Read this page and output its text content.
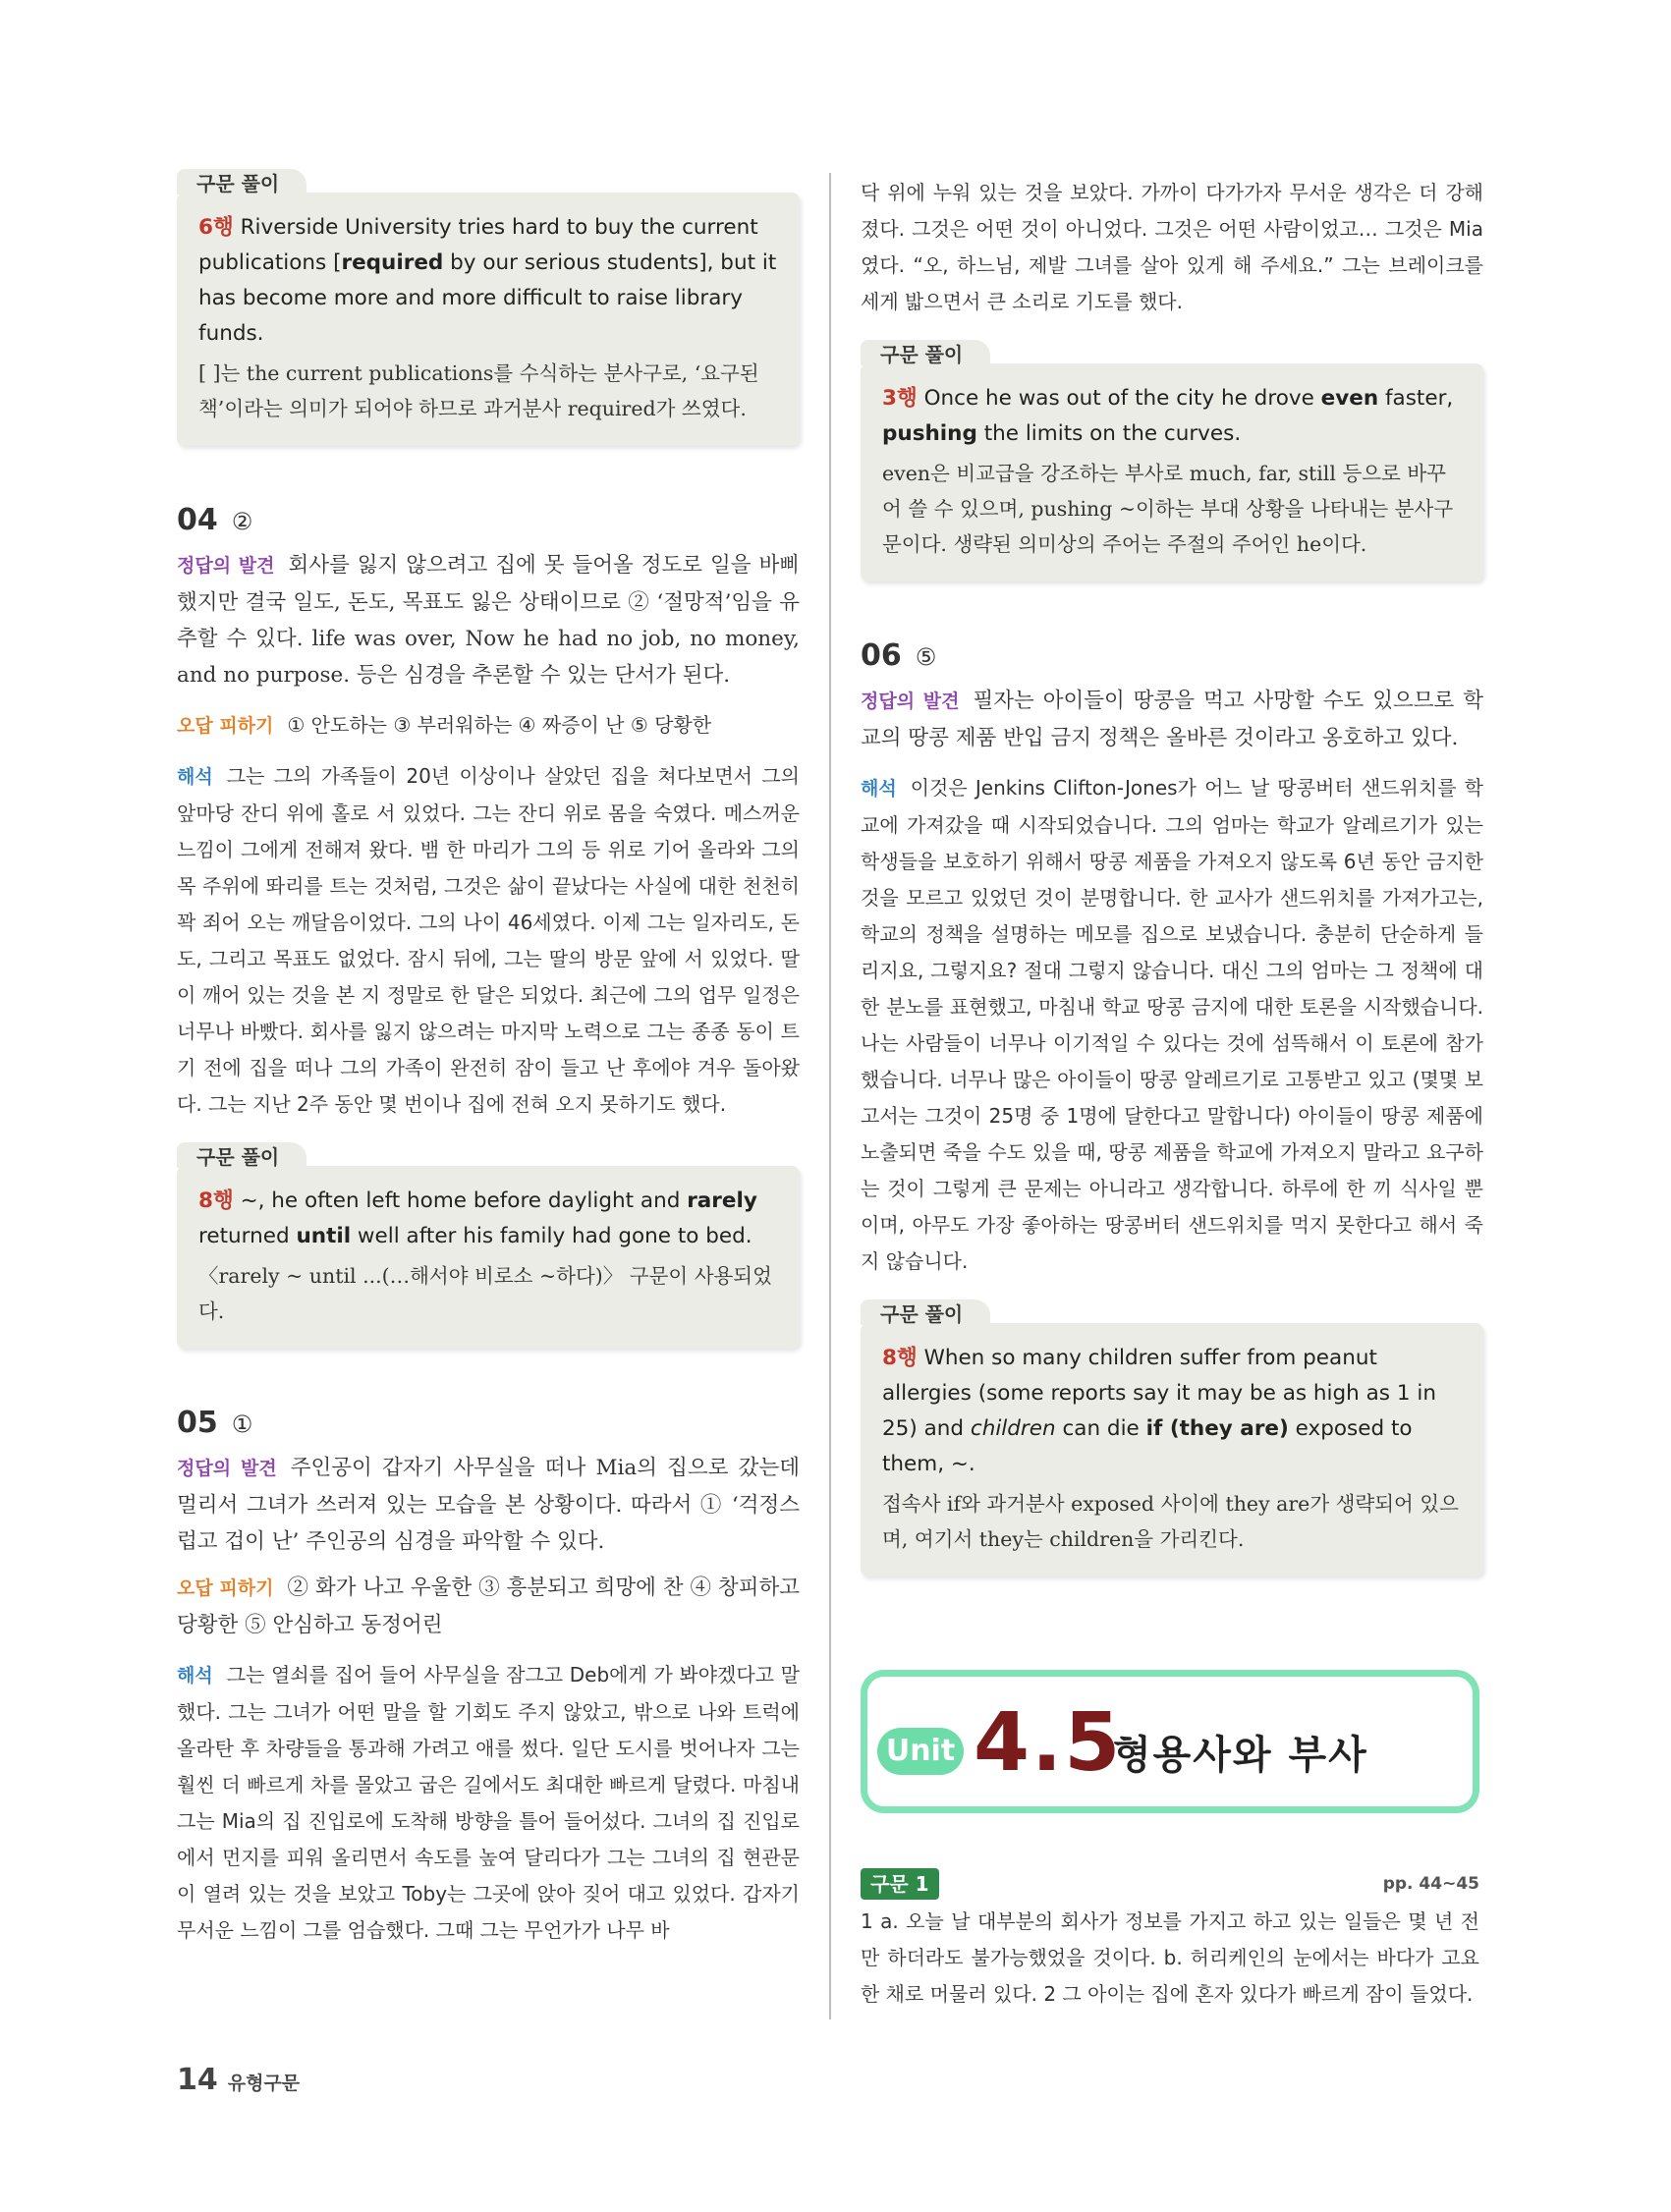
구문 풀이
6행 Riverside University tries hard to buy the current publications [required by our serious students], but it has become more and more difficult to raise library funds.
[ ]는 the current publications를 수식하는 분사구로, ‘요구된 책’이라는 의미가 되어야 하므로 과거분사 required가 쓰였다.
04 ②
정답의 발견 회사를 잃지 않으려고 집에 못 들어올 정도로 일을 바삐 했지만 결국 일도, 돈도, 목표도 잃은 상태이므로 ② ‘절망적’임을 유추할 수 있다. life was over, Now he had no job, no money, and no purpose. 등은 심경을 추론할 수 있는 단서가 된다.
오답 피하기 ① 안도하는 ③ 부러워하는 ④ 짜증이 난 ⑤ 당황한
해석 그는 그의 가족들이 20년 이상이나 살았던 집을 쳐다보면서 그의 앞마당 잔디 위에 홀로 서 있었다. 그는 잔디 위로 몸을 숙였다. 메스꺼운 느낌이 그에게 전해져 왔다. 뱀 한 마리가 그의 등 위로 기어 올라와 그의 목 주위에 똬리를 트는 것처럼, 그것은 삶이 끝났다는 사실에 대한 천천히 꽉 죄어 오는 깨달음이었다. 그의 나이 46세였다. 이제 그는 일자리도, 돈도, 그리고 목표도 없었다. 잠시 뒤에, 그는 딸의 방문 앞에 서 있었다. 딸이 깨어 있는 것을 본 지 정말로 한 달은 되었다. 최근에 그의 업무 일정은 너무나 바빴다. 회사를 잃지 않으려는 마지막 노력으로 그는 종종 동이 트기 전에 집을 떠나 그의 가족이 완전히 잠이 들고 난 후에야 겨우 돌아왔다. 그는 지난 2주 동안 몇 번이나 집에 전혀 오지 못하기도 했다.
구문 풀이
8행 ~, he often left home before daylight and rarely returned until well after his family had gone to bed.
〈rarely ~ until ...(…해서야 비로소 ~하다)〉 구문이 사용되었다.
05 ①
정답의 발견 주인공이 갑자기 사무실을 떠나 Mia의 집으로 갔는데 멀리서 그녀가 쓰러져 있는 모습을 본 상황이다. 따라서 ① ‘걱정스럽고 겁이 난’ 주인공의 심경을 파악할 수 있다.
오답 피하기 ② 화가 나고 우울한 ③ 흥분되고 희망에 찬 ④ 창피하고 당황한 ⑤ 안심하고 동정어린
해석 그는 열쇠를 집어 들어 사무실을 잠그고 Deb에게 가 봐야겠다고 말했다. 그는 그녀가 어떤 말을 할 기회도 주지 않았고, 밖으로 나와 트럭에 올라탄 후 차량들을 통과해 가려고 애를 썼다. 일단 도시를 벗어나자 그는 훨씬 더 빠르게 차를 몰았고 굽은 길에서도 최대한 빠르게 달렸다. 마침내 그는 Mia의 집 진입로에 도착해 방향을 틀어 들어섰다. 그녀의 집 진입로에서 먼지를 피워 올리면서 속도를 높여 달리다가 그는 그녀의 집 현관문이 열려 있는 것을 보았고 Toby는 그곳에 앉아 짖어 대고 있었다. 갑자기 무서운 느낌이 그를 엄습했다. 그때 그는 무언가가 나무 바
닥 위에 누워 있는 것을 보았다. 가까이 다가가자 무서운 생각은 더 강해졌다. 그것은 어떤 것이 아니었다. 그것은 어떤 사람이었고… 그것은 Mia였다. “오, 하느님, 제발 그녀를 살아 있게 해 주세요.” 그는 브레이크를 세게 밟으면서 큰 소리로 기도를 했다.
구문 풀이
3행 Once he was out of the city he drove even faster, pushing the limits on the curves.
even은 비교급을 강조하는 부사로 much, far, still 등으로 바꾸어 쓸 수 있으며, pushing ~이하는 부대 상황을 나타내는 분사구문이다. 생략된 의미상의 주어는 주절의 주어인 he이다.
06 ⑤
정답의 발견 필자는 아이들이 땅콩을 먹고 사망할 수도 있으므로 학교의 땅콩 제품 반입 금지 정책은 올바른 것이라고 옹호하고 있다.
해석 이것은 Jenkins Clifton-Jones가 어느 날 땅콩버터 샌드위치를 학교에 가져갔을 때 시작되었습니다. 그의 엄마는 학교가 알레르기가 있는 학생들을 보호하기 위해서 땅콩 제품을 가져오지 않도록 6년 동안 금지한 것을 모르고 있었던 것이 분명합니다. 한 교사가 샌드위치를 가져가고는, 학교의 정책을 설명하는 메모를 집으로 보냈습니다. 충분히 단순하게 들리지요, 그렇지요? 절대 그렇지 않습니다. 대신 그의 엄마는 그 정책에 대한 분노를 표현했고, 마침내 학교 땅콩 금지에 대한 토론을 시작했습니다. 나는 사람들이 너무나 이기적일 수 있다는 것에 섬뜩해서 이 토론에 참가했습니다. 너무나 많은 아이들이 땅콩 알레르기로 고통받고 있고 (몇몇 보고서는 그것이 25명 중 1명에 달한다고 말합니다) 아이들이 땅콩 제품에 노출되면 죽을 수도 있을 때, 땅콩 제품을 학교에 가져오지 말라고 요구하는 것이 그렇게 큰 문제는 아니라고 생각합니다. 하루에 한 끼 식사일 뿐이며, 아무도 가장 좋아하는 땅콩버터 샌드위치를 먹지 못한다고 해서 죽지 않습니다.
구문 풀이
8행 When so many children suffer from peanut allergies (some reports say it may be as high as 1 in 25) and children can die if (they are) exposed to them, ~.
접속사 if와 과거분사 exposed 사이에 they are가 생략되어 있으며, 여기서 they는 children을 가리킨다.
Unit 4.5
형용사와 부사
구문 1	pp. 44~45
1 a. 오늘 날 대부분의 회사가 정보를 가지고 하고 있는 일들은 몇 년 전만 하더라도 불가능했었을 것이다. b. 허리케인의 눈에서는 바다가 고요한 채로 머물러 있다. 2 그 아이는 집에 혼자 있다가 빠르게 잠이 들었다.
14 유형구문
